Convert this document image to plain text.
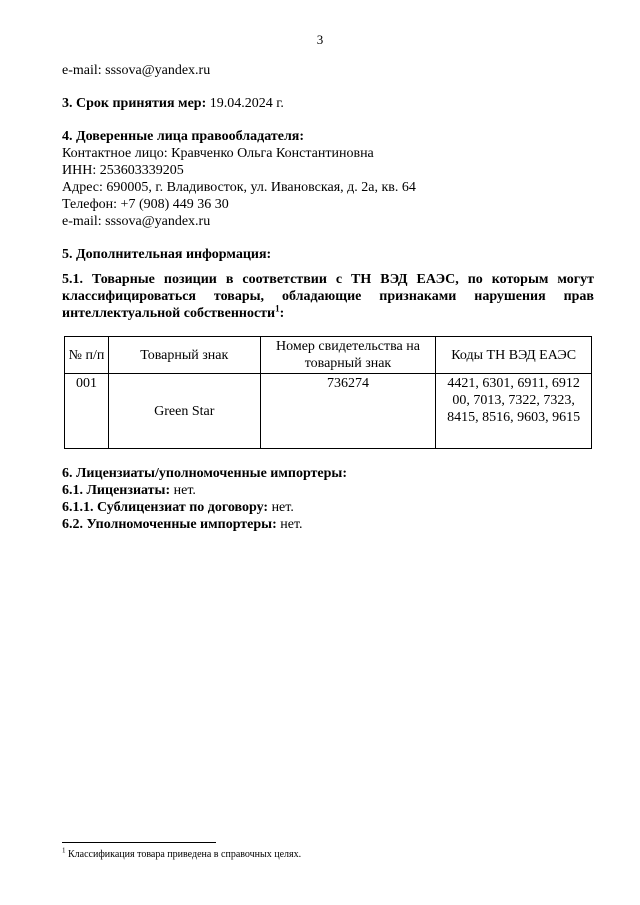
3
e-mail: sssova@yandex.ru
3. Срок принятия мер: 19.04.2024 г.
4. Доверенные лица правообладателя:
Контактное лицо: Кравченко Ольга Константиновна
ИНН: 253603339205
Адрес: 690005, г. Владивосток, ул. Ивановская, д. 2а, кв. 64
Телефон: +7 (908) 449 36 30
e-mail: sssova@yandex.ru
5. Дополнительная информация:
5.1. Товарные позиции в соответствии с ТН ВЭД ЕАЭС, по которым могут классифицироваться товары, обладающие признаками нарушения прав интеллектуальной собственности$^1$:
№ п/п	Товарный знак	Номер свидетельства на товарный знак	Коды ТН ВЭД ЕАЭС
001	Green Star	736274	4421, 6301, 6911, 6912 00, 7013, 7322, 7323, 8415, 8516, 9603, 9615
6. Лицензиаты/уполномоченные импортеры:
6.1. Лицензиаты: нет.
6.1.1. Сублицензиат по договору: нет.
6.2. Уполномоченные импортеры: нет.
$^1$ Классификация товара приведена в справочных целях.
